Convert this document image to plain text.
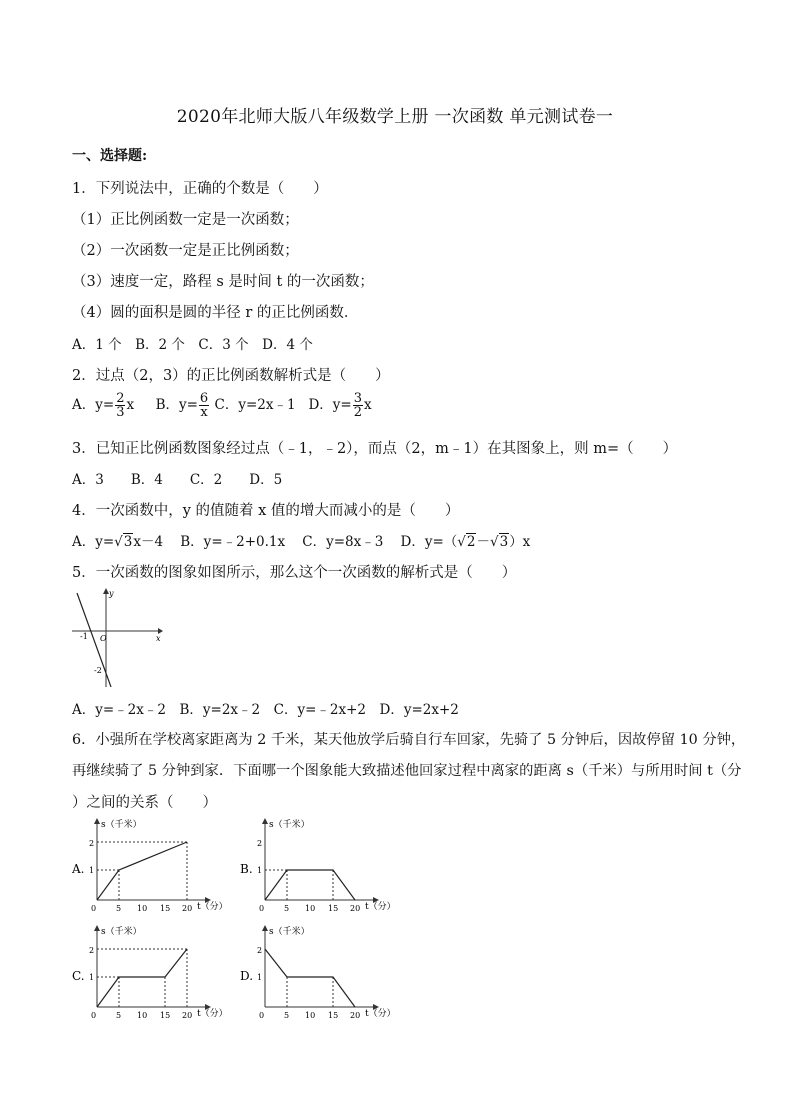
2020年北师大版八年级数学上册 一次函数 单元测试卷一
一、选择题:
1．下列说法中，正确的个数是（　　）
（1）正比例函数一定是一次函数；
（2）一次函数一定是正比例函数；
（3）速度一定，路程 s 是时间 t 的一次函数；
（4）圆的面积是圆的半径 r 的正比例函数．
A．1 个　B．2 个　C．3 个　D．4 个
2．过点（2，3）的正比例函数解析式是（　　）
A．$y= \frac{2}{3}$ x B．$y= \frac{6}{x}$ C．y=2x﹣1 D．$y= \frac{3}{2}$ x
3．已知正比例函数图象经过点（﹣1，﹣2），而点（2，m﹣1）在其图象上，则 m=（　　）
A．3　　B．4　　C．2　　D．5
4．一次函数中，y 的值随着 x 值的增大而减小的是（　　）
A．y=√3x－4 B．y=﹣2+0.1x C．y=8x﹣3 D．y=（√2－√3）x
5．一次函数的图象如图所示，那么这个一次函数的解析式是（　　）
y
x
O
-1
-2
A．y=﹣2x﹣2　B．y=2x﹣2　C．y=﹣2x+2　D．y=2x+2
6．小强所在学校离家距离为 2 千米，某天他放学后骑自行车回家，先骑了 5 分钟后，因故停留 10 分钟，
再继续骑了 5 分钟到家．下面哪一个图象能大致描述他回家过程中离家的距离 s（千米）与所用时间 t（分
）之间的关系（　　）
A.
s（千米）
t（分）
0 5 10 15 20
1
2
B.
s（千米）
t（分）
0 5 10 15 20
1
2
C.
s（千米）
t（分）
0 5 10 15 20
1
2
D.
s（千米）
t（分）
0 5 10 15 20
1
2
